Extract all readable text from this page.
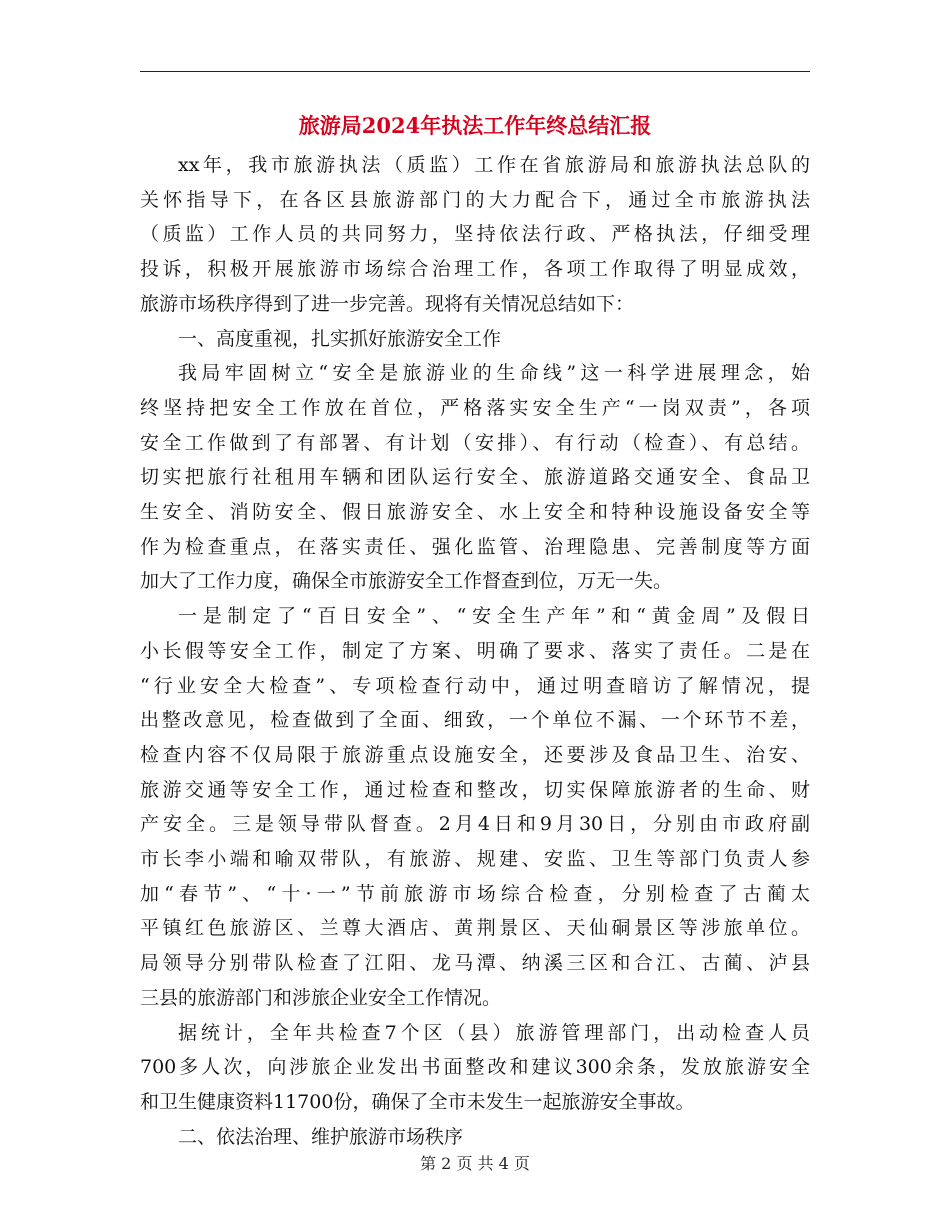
旅游局2024年执法工作年终总结汇报
xx年，我市旅游执法（质监）工作在省旅游局和旅游执法总队的
关怀指导下，在各区县旅游部门的大力配合下，通过全市旅游执法
（质监）工作人员的共同努力，坚持依法行政、严格执法，仔细受理
投诉，积极开展旅游市场综合治理工作，各项工作取得了明显成效，
旅游市场秩序得到了进一步完善。现将有关情况总结如下：
一、高度重视，扎实抓好旅游安全工作
我局牢固树立“安全是旅游业的生命线”这一科学进展理念，始
终坚持把安全工作放在首位，严格落实安全生产“一岗双责”，各项
安全工作做到了有部署、有计划（安排）、有行动（检查）、有总结。
切实把旅行社租用车辆和团队运行安全、旅游道路交通安全、食品卫
生安全、消防安全、假日旅游安全、水上安全和特种设施设备安全等
作为检查重点，在落实责任、强化监管、治理隐患、完善制度等方面
加大了工作力度，确保全市旅游安全工作督查到位，万无一失。
一是制定了“百日安全”、“安全生产年”和“黄金周”及假日
小长假等安全工作，制定了方案、明确了要求、落实了责任。二是在
“行业安全大检查”、专项检查行动中，通过明查暗访了解情况，提
出整改意见，检查做到了全面、细致，一个单位不漏、一个环节不差，
检查内容不仅局限于旅游重点设施安全，还要涉及食品卫生、治安、
旅游交通等安全工作，通过检查和整改，切实保障旅游者的生命、财
产安全。三是领导带队督查。2月4日和9月30日，分别由市政府副
市长李小端和喻双带队，有旅游、规建、安监、卫生等部门负责人参
加“春节”、“十·一”节前旅游市场综合检查，分别检查了古蔺太
平镇红色旅游区、兰尊大酒店、黄荆景区、天仙硐景区等涉旅单位。
局领导分别带队检查了江阳、龙马潭、纳溪三区和合江、古蔺、泸县
三县的旅游部门和涉旅企业安全工作情况。
据统计，全年共检查7个区（县）旅游管理部门，出动检查人员
700多人次，向涉旅企业发出书面整改和建议300余条，发放旅游安全
和卫生健康资料11700份，确保了全市未发生一起旅游安全事故。
二、依法治理、维护旅游市场秩序
第 2 页 共 4 页
